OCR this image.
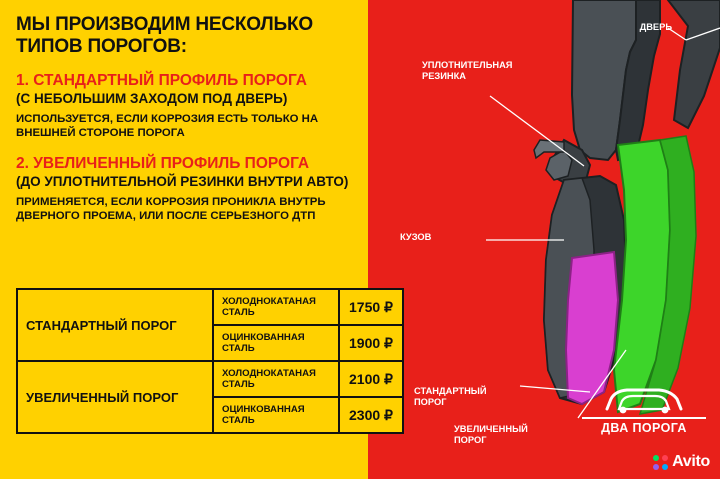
МЫ ПРОИЗВОДИМ НЕСКОЛЬКО ТИПОВ ПОРОГОВ:
1. СТАНДАРТНЫЙ ПРОФИЛЬ ПОРОГА
(С НЕБОЛЬШИМ ЗАХОДОМ ПОД ДВЕРЬ)
ИСПОЛЬЗУЕТСЯ, ЕСЛИ КОРРОЗИЯ ЕСТЬ ТОЛЬКО НА ВНЕШНЕЙ СТОРОНЕ ПОРОГА
2. УВЕЛИЧЕННЫЙ ПРОФИЛЬ ПОРОГА
(ДО УПЛОТНИТЕЛЬНОЙ РЕЗИНКИ ВНУТРИ АВТО)
ПРИМЕНЯЕТСЯ, ЕСЛИ КОРРОЗИЯ ПРОНИКЛА ВНУТРЬ ДВЕРНОГО ПРОЕМА, ИЛИ ПОСЛЕ СЕРЬЕЗНОГО ДТП
СТАНДАРТНЫЙ ПОРОГ	ХОЛОДНОКАТАНАЯ СТАЛЬ	1750 ₽
	ОЦИНКОВАННАЯ СТАЛЬ	1900 ₽
УВЕЛИЧЕННЫЙ ПОРОГ	ХОЛОДНОКАТАНАЯ СТАЛЬ	2100 ₽
	ОЦИНКОВАННАЯ СТАЛЬ	2300 ₽
ДВЕРЬ
УПЛОТНИТЕЛЬНАЯ РЕЗИНКА
КУЗОВ
СТАНДАРТНЫЙ ПОРОГ
УВЕЛИЧЕННЫЙ ПОРОГ
ДВА ПОРОГА
Avito
